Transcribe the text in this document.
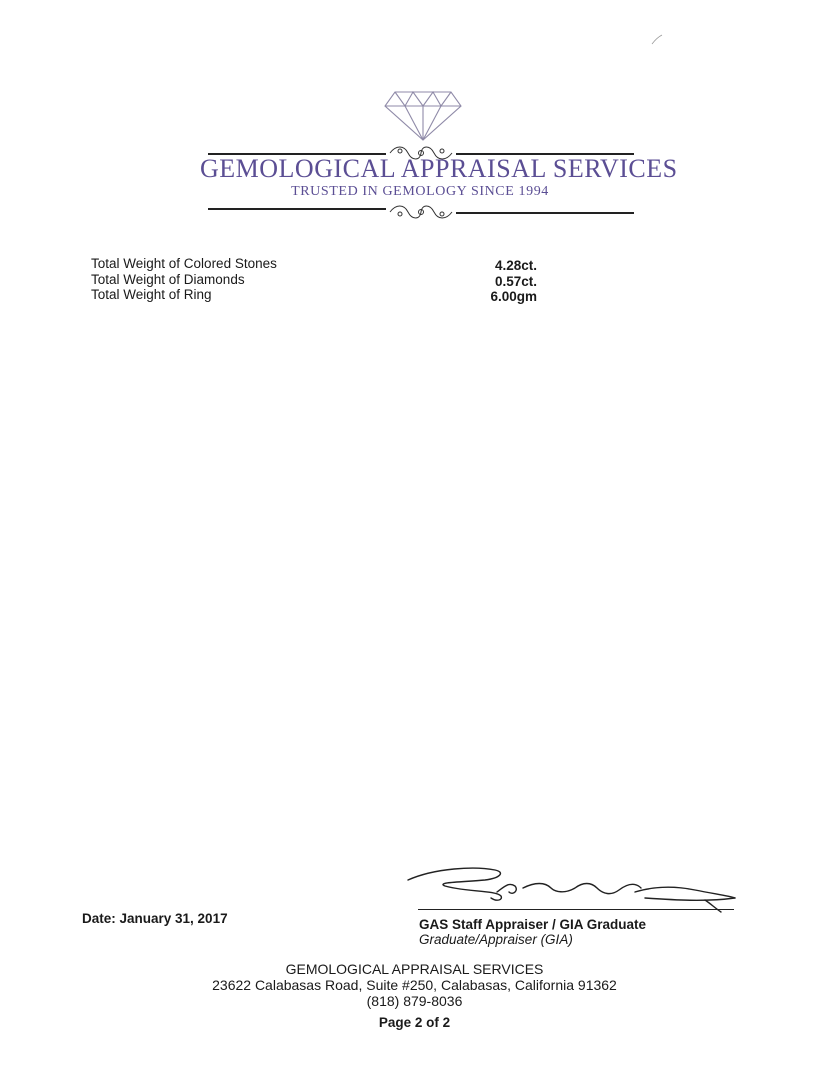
GEMOLOGICAL APPRAISAL SERVICES
TRUSTED IN GEMOLOGY SINCE 1994
Total Weight of Colored Stones	4.28ct.
Total Weight of Diamonds	0.57ct.
Total Weight of Ring	6.00gm
Date: January 31, 2017	GAS Staff Appraiser / GIA Graduate
Graduate/Appraiser (GIA)
GEMOLOGICAL APPRAISAL SERVICES
23622 Calabasas Road, Suite #250, Calabasas, California 91362
(818) 879-8036
Page 2 of 2
